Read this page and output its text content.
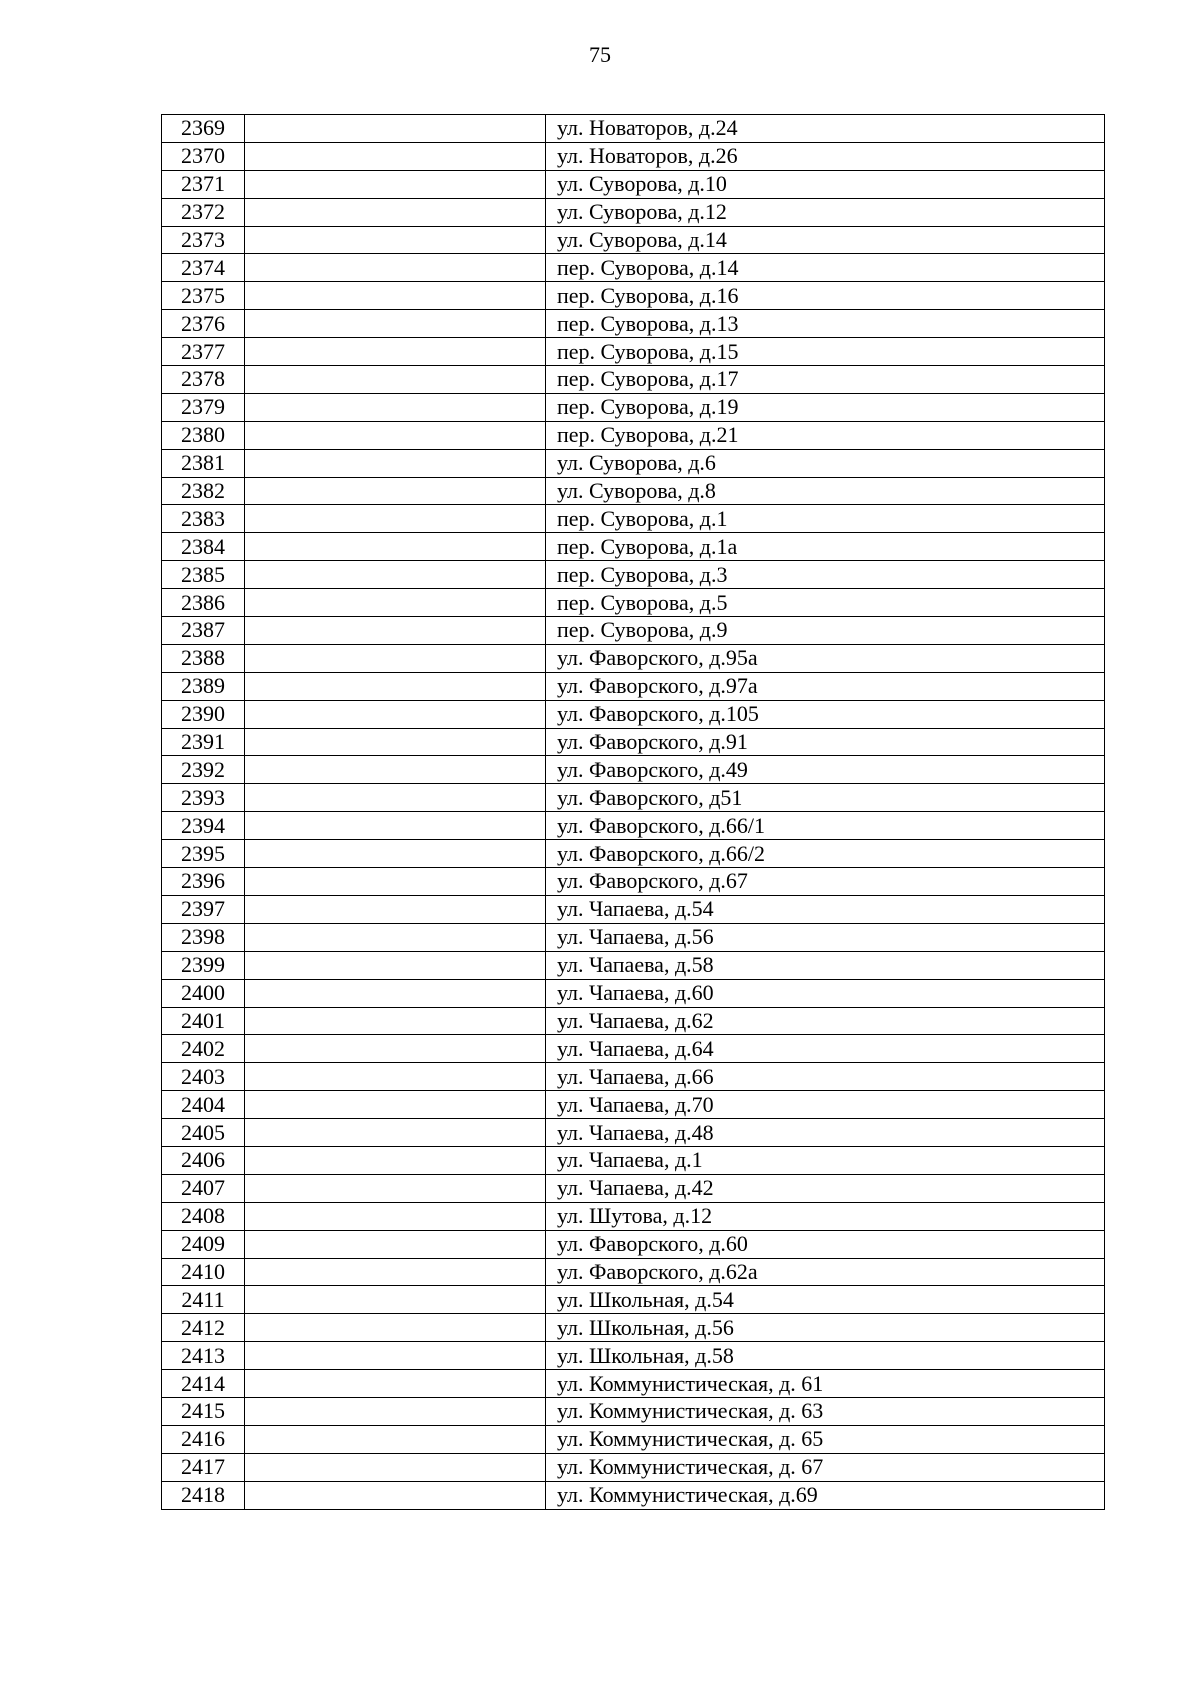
75
2369		ул. Новаторов, д.24
2370		ул. Новаторов, д.26
2371		ул. Суворова, д.10
2372		ул. Суворова, д.12
2373		ул. Суворова, д.14
2374		пер. Суворова, д.14
2375		пер. Суворова, д.16
2376		пер. Суворова, д.13
2377		пер. Суворова, д.15
2378		пер. Суворова, д.17
2379		пер. Суворова, д.19
2380		пер. Суворова, д.21
2381		ул. Суворова, д.6
2382		ул. Суворова, д.8
2383		пер. Суворова, д.1
2384		пер. Суворова, д.1а
2385		пер. Суворова, д.3
2386		пер. Суворова, д.5
2387		пер. Суворова, д.9
2388		ул. Фаворского, д.95а
2389		ул. Фаворского, д.97а
2390		ул. Фаворского, д.105
2391		ул. Фаворского, д.91
2392		ул. Фаворского, д.49
2393		ул. Фаворского, д51
2394		ул. Фаворского, д.66/1
2395		ул. Фаворского, д.66/2
2396		ул. Фаворского, д.67
2397		ул. Чапаева, д.54
2398		ул. Чапаева, д.56
2399		ул. Чапаева, д.58
2400		ул. Чапаева, д.60
2401		ул. Чапаева, д.62
2402		ул. Чапаева, д.64
2403		ул. Чапаева, д.66
2404		ул. Чапаева, д.70
2405		ул. Чапаева, д.48
2406		ул. Чапаева, д.1
2407		ул. Чапаева, д.42
2408		ул. Шутова, д.12
2409		ул. Фаворского, д.60
2410		ул. Фаворского, д.62а
2411		ул. Школьная, д.54
2412		ул. Школьная, д.56
2413		ул. Школьная, д.58
2414		ул. Коммунистическая, д. 61
2415		ул. Коммунистическая, д. 63
2416		ул. Коммунистическая, д. 65
2417		ул. Коммунистическая, д. 67
2418		ул. Коммунистическая, д.69
